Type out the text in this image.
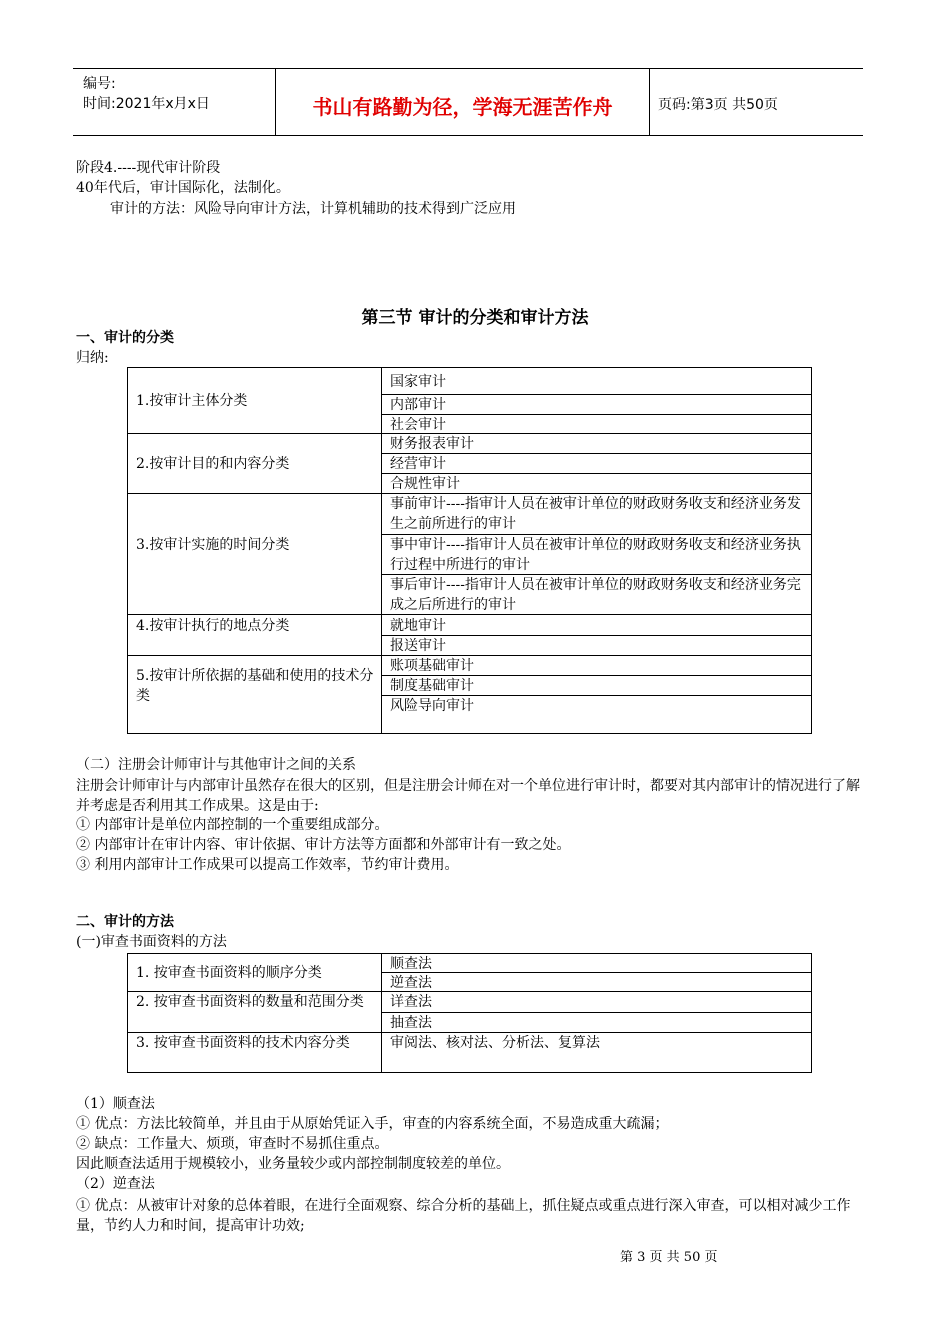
编号:
时间:2021年x月x日	书山有路勤为径，学海无涯苦作舟	页码:第3页 共50页
阶段4.----现代审计阶段
40年代后，审计国际化，法制化。
审计的方法：风险导向审计方法，计算机辅助的技术得到广泛应用
第三节 审计的分类和审计方法
一、审计的分类
归纳:
1.按审计主体分类
2.按审计目的和内容分类
3.按审计实施的时间分类
4.按审计执行的地点分类
5.按审计所依据的基础和使用的技术分类
国家审计
内部审计
社会审计
财务报表审计
经营审计
合规性审计
事前审计----指审计人员在被审计单位的财政财务收支和经济业务发生之前所进行的审计
事中审计----指审计人员在被审计单位的财政财务收支和经济业务执行过程中所进行的审计
事后审计----指审计人员在被审计单位的财政财务收支和经济业务完成之后所进行的审计
就地审计
报送审计
账项基础审计
制度基础审计
风险导向审计
（二）注册会计师审计与其他审计之间的关系
注册会计师审计与内部审计虽然存在很大的区别，但是注册会计师在对一个单位进行审计时，都要对其内部审计的情况进行了解并考虑是否利用其工作成果。这是由于:
① 内部审计是单位内部控制的一个重要组成部分。
② 内部审计在审计内容、审计依据、审计方法等方面都和外部审计有一致之处。
③ 利用内部审计工作成果可以提高工作效率，节约审计费用。
二、审计的方法
(一)审查书面资料的方法
1. 按审查书面资料的顺序分类
2. 按审查书面资料的数量和范围分类
3. 按审查书面资料的技术内容分类
顺查法
逆查法
详查法
抽查法
审阅法、核对法、分析法、复算法
（1）顺查法
① 优点：方法比较简单，并且由于从原始凭证入手，审查的内容系统全面，不易造成重大疏漏；
② 缺点：工作量大、烦琐，审查时不易抓住重点。
因此顺查法适用于规模较小，业务量较少或内部控制制度较差的单位。
（2）逆查法
① 优点：从被审计对象的总体着眼，在进行全面观察、综合分析的基础上，抓住疑点或重点进行深入审查，可以相对减少工作量，节约人力和时间，提高审计功效;
第 3 页 共 50 页
